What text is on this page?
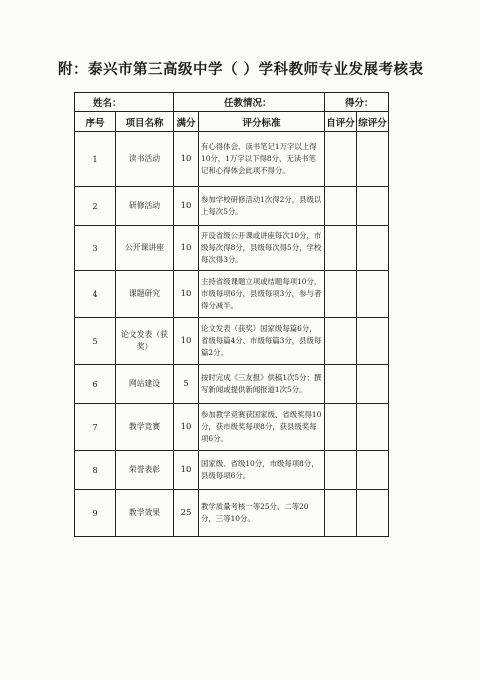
附：泰兴市第三高级中学（ ）学科教师专业发展考核表
姓名：		任教情况：		得分：	
序号	项目名称	满分	评分标准	自评分	综评分
1	读书活动	10	有心得体会、读书笔记1万字以上得10分，1万字以下得8分，无读书笔记和心得体会此项不得分。		
2	研修活动	10	参加学校研修活动1次得2分，县级以上每次5分。		
3	公开课讲座	10	开设省级公开课或讲座每次10分，市级每次得8分，县级每次得5分，学校每次得3分。		
4	课题研究	10	主持省级课题立项或结题每项10分，市级每项6分，县级每项3分，参与者得分减半。		
5	论文发表（获奖）	10	论文发表（获奖）国家级每篇6分，省级每篇4分、市级每篇3分，县级每篇2分。		
6	网站建设	5	按时完成《三友报》供稿1次5分；撰写新闻或提供新闻报道1次5分。		
7	教学竞赛	10	参加教学竞赛获国家级、省级奖得10分，获市级奖每项8分，获县级奖每项6分。		
8	荣誉表彰	10	国家级、省级10分，市级每项8分，县级每项6分。		
9	教学效果	25	教学质量考核一等25分、二等20分，三等10分。		
